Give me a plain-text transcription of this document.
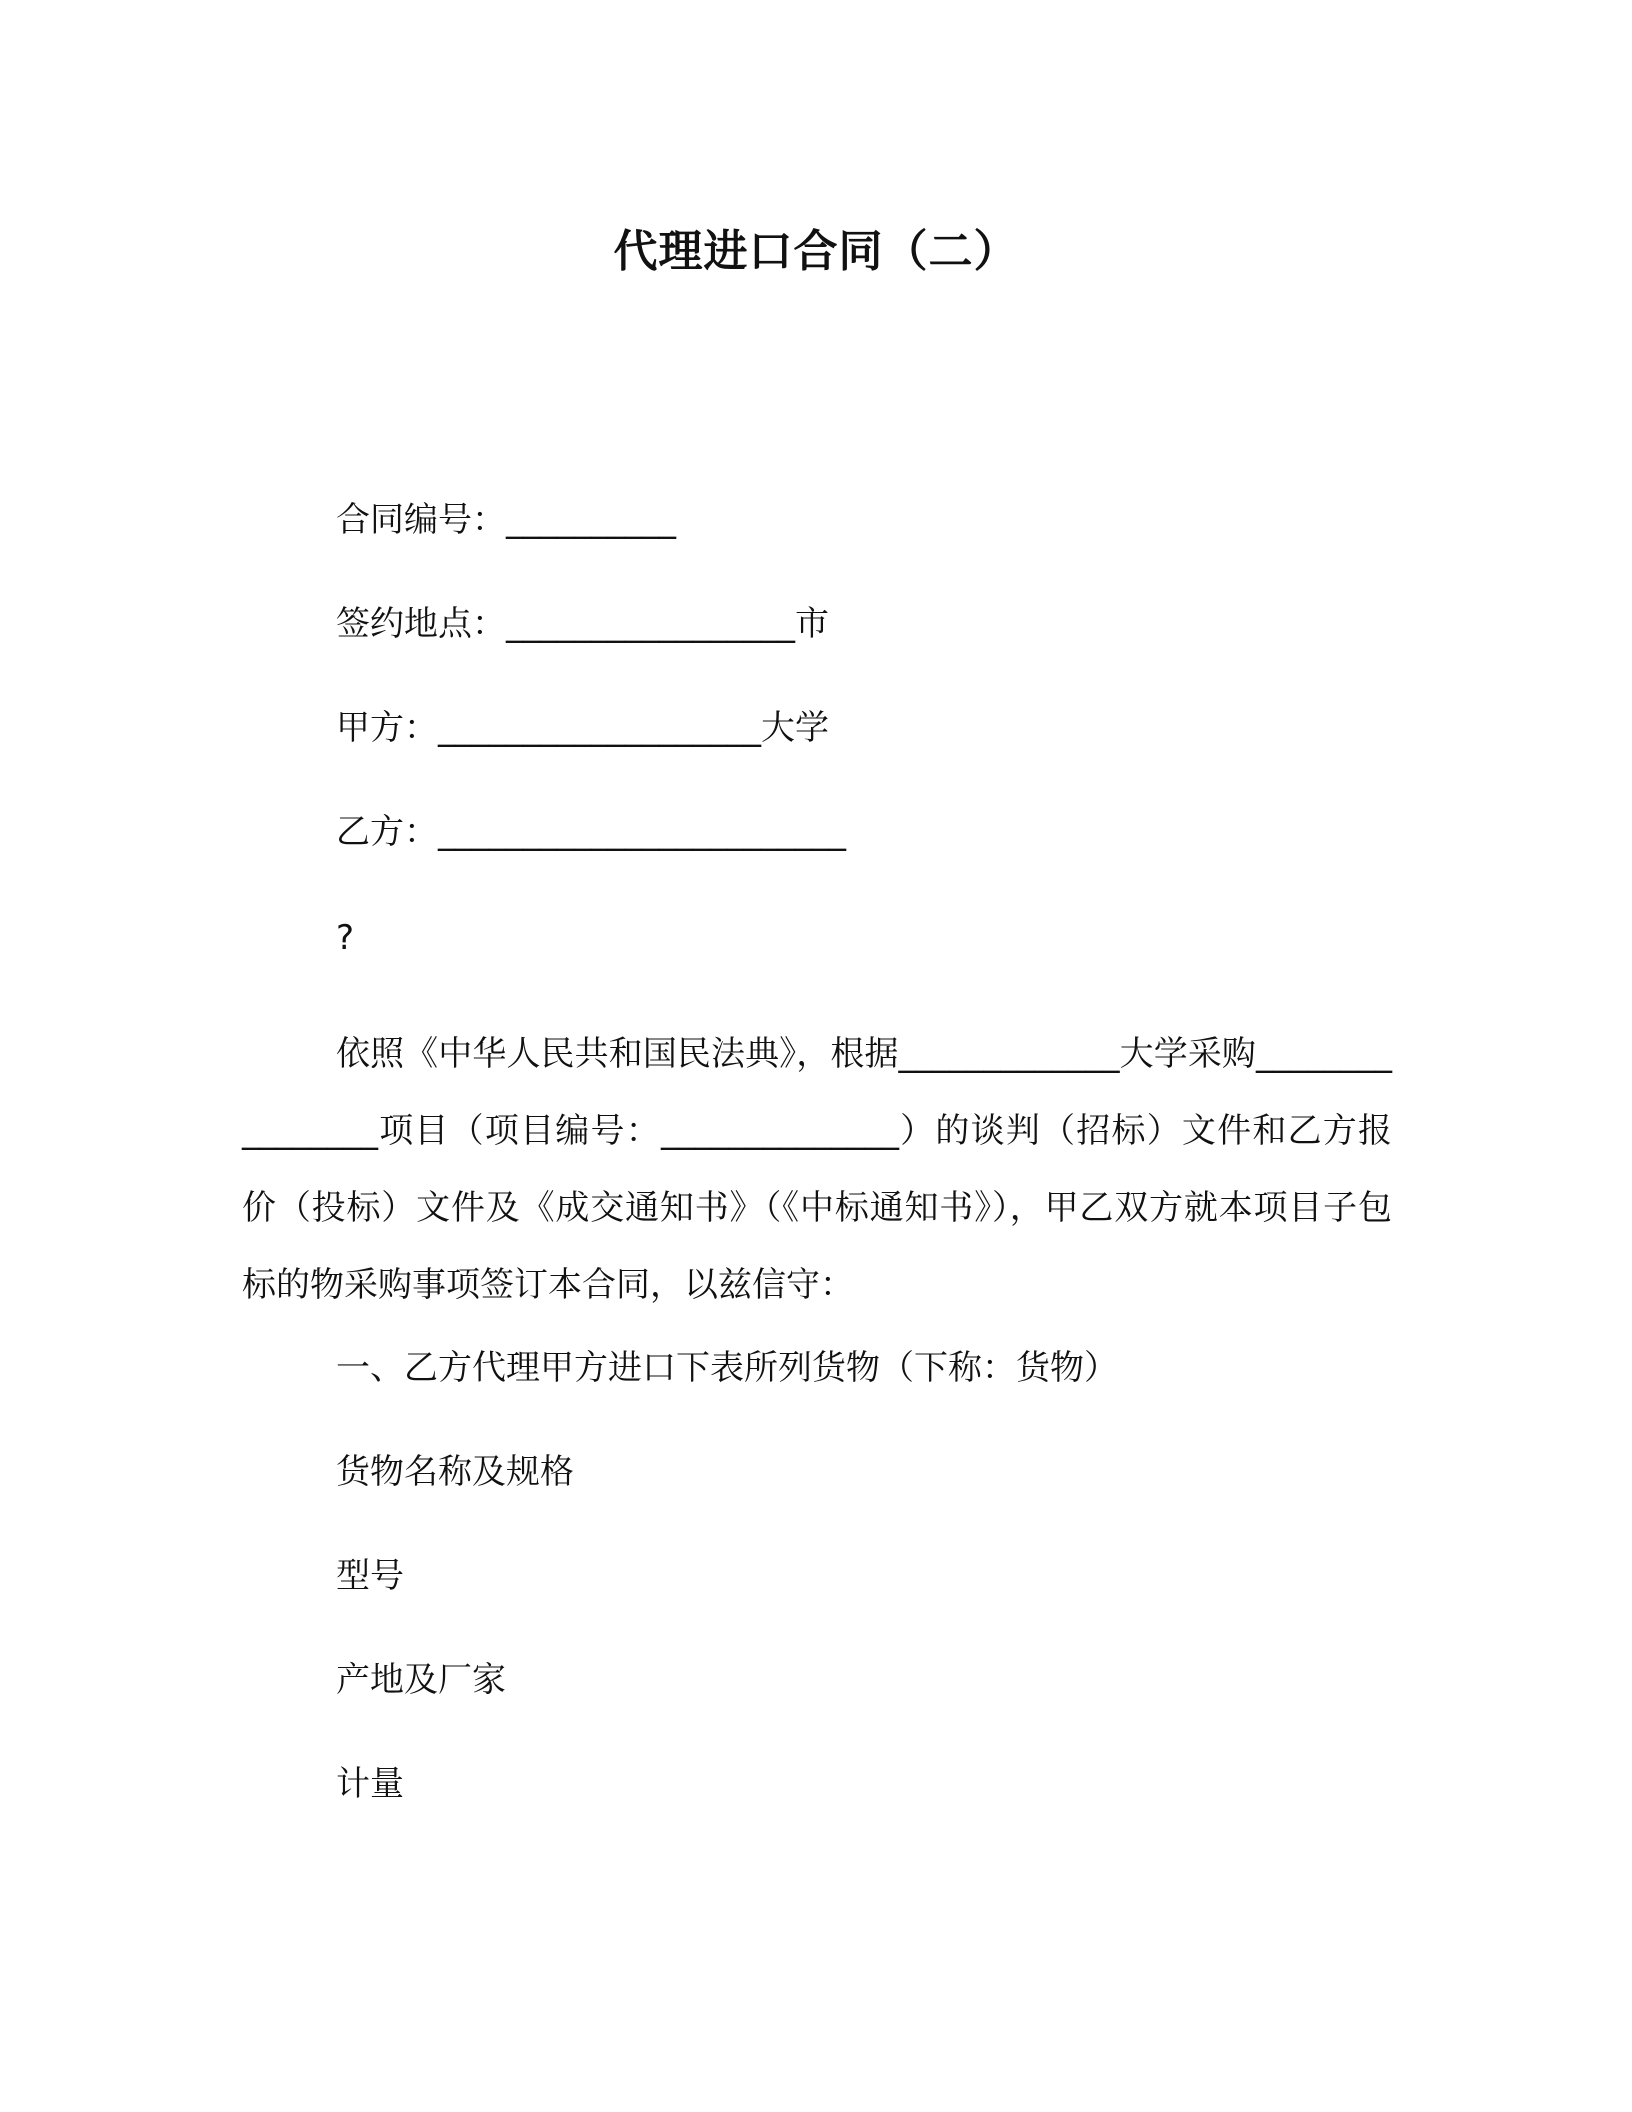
代理进口合同（二）
合同编号：__________
签约地点：_________________市
甲方：___________________大学
乙方：________________________
?
依照《中华人民共和国民法典》，根据_____________大学采购________________项目（项目编号：______________）的谈判（招标）文件和乙方报价（投标）文件及《成交通知书》（《中标通知书》），甲乙双方就本项目子包标的物采购事项签订本合同，以兹信守：
一、乙方代理甲方进口下表所列货物（下称：货物）
货物名称及规格
型号
产地及厂家
计量
